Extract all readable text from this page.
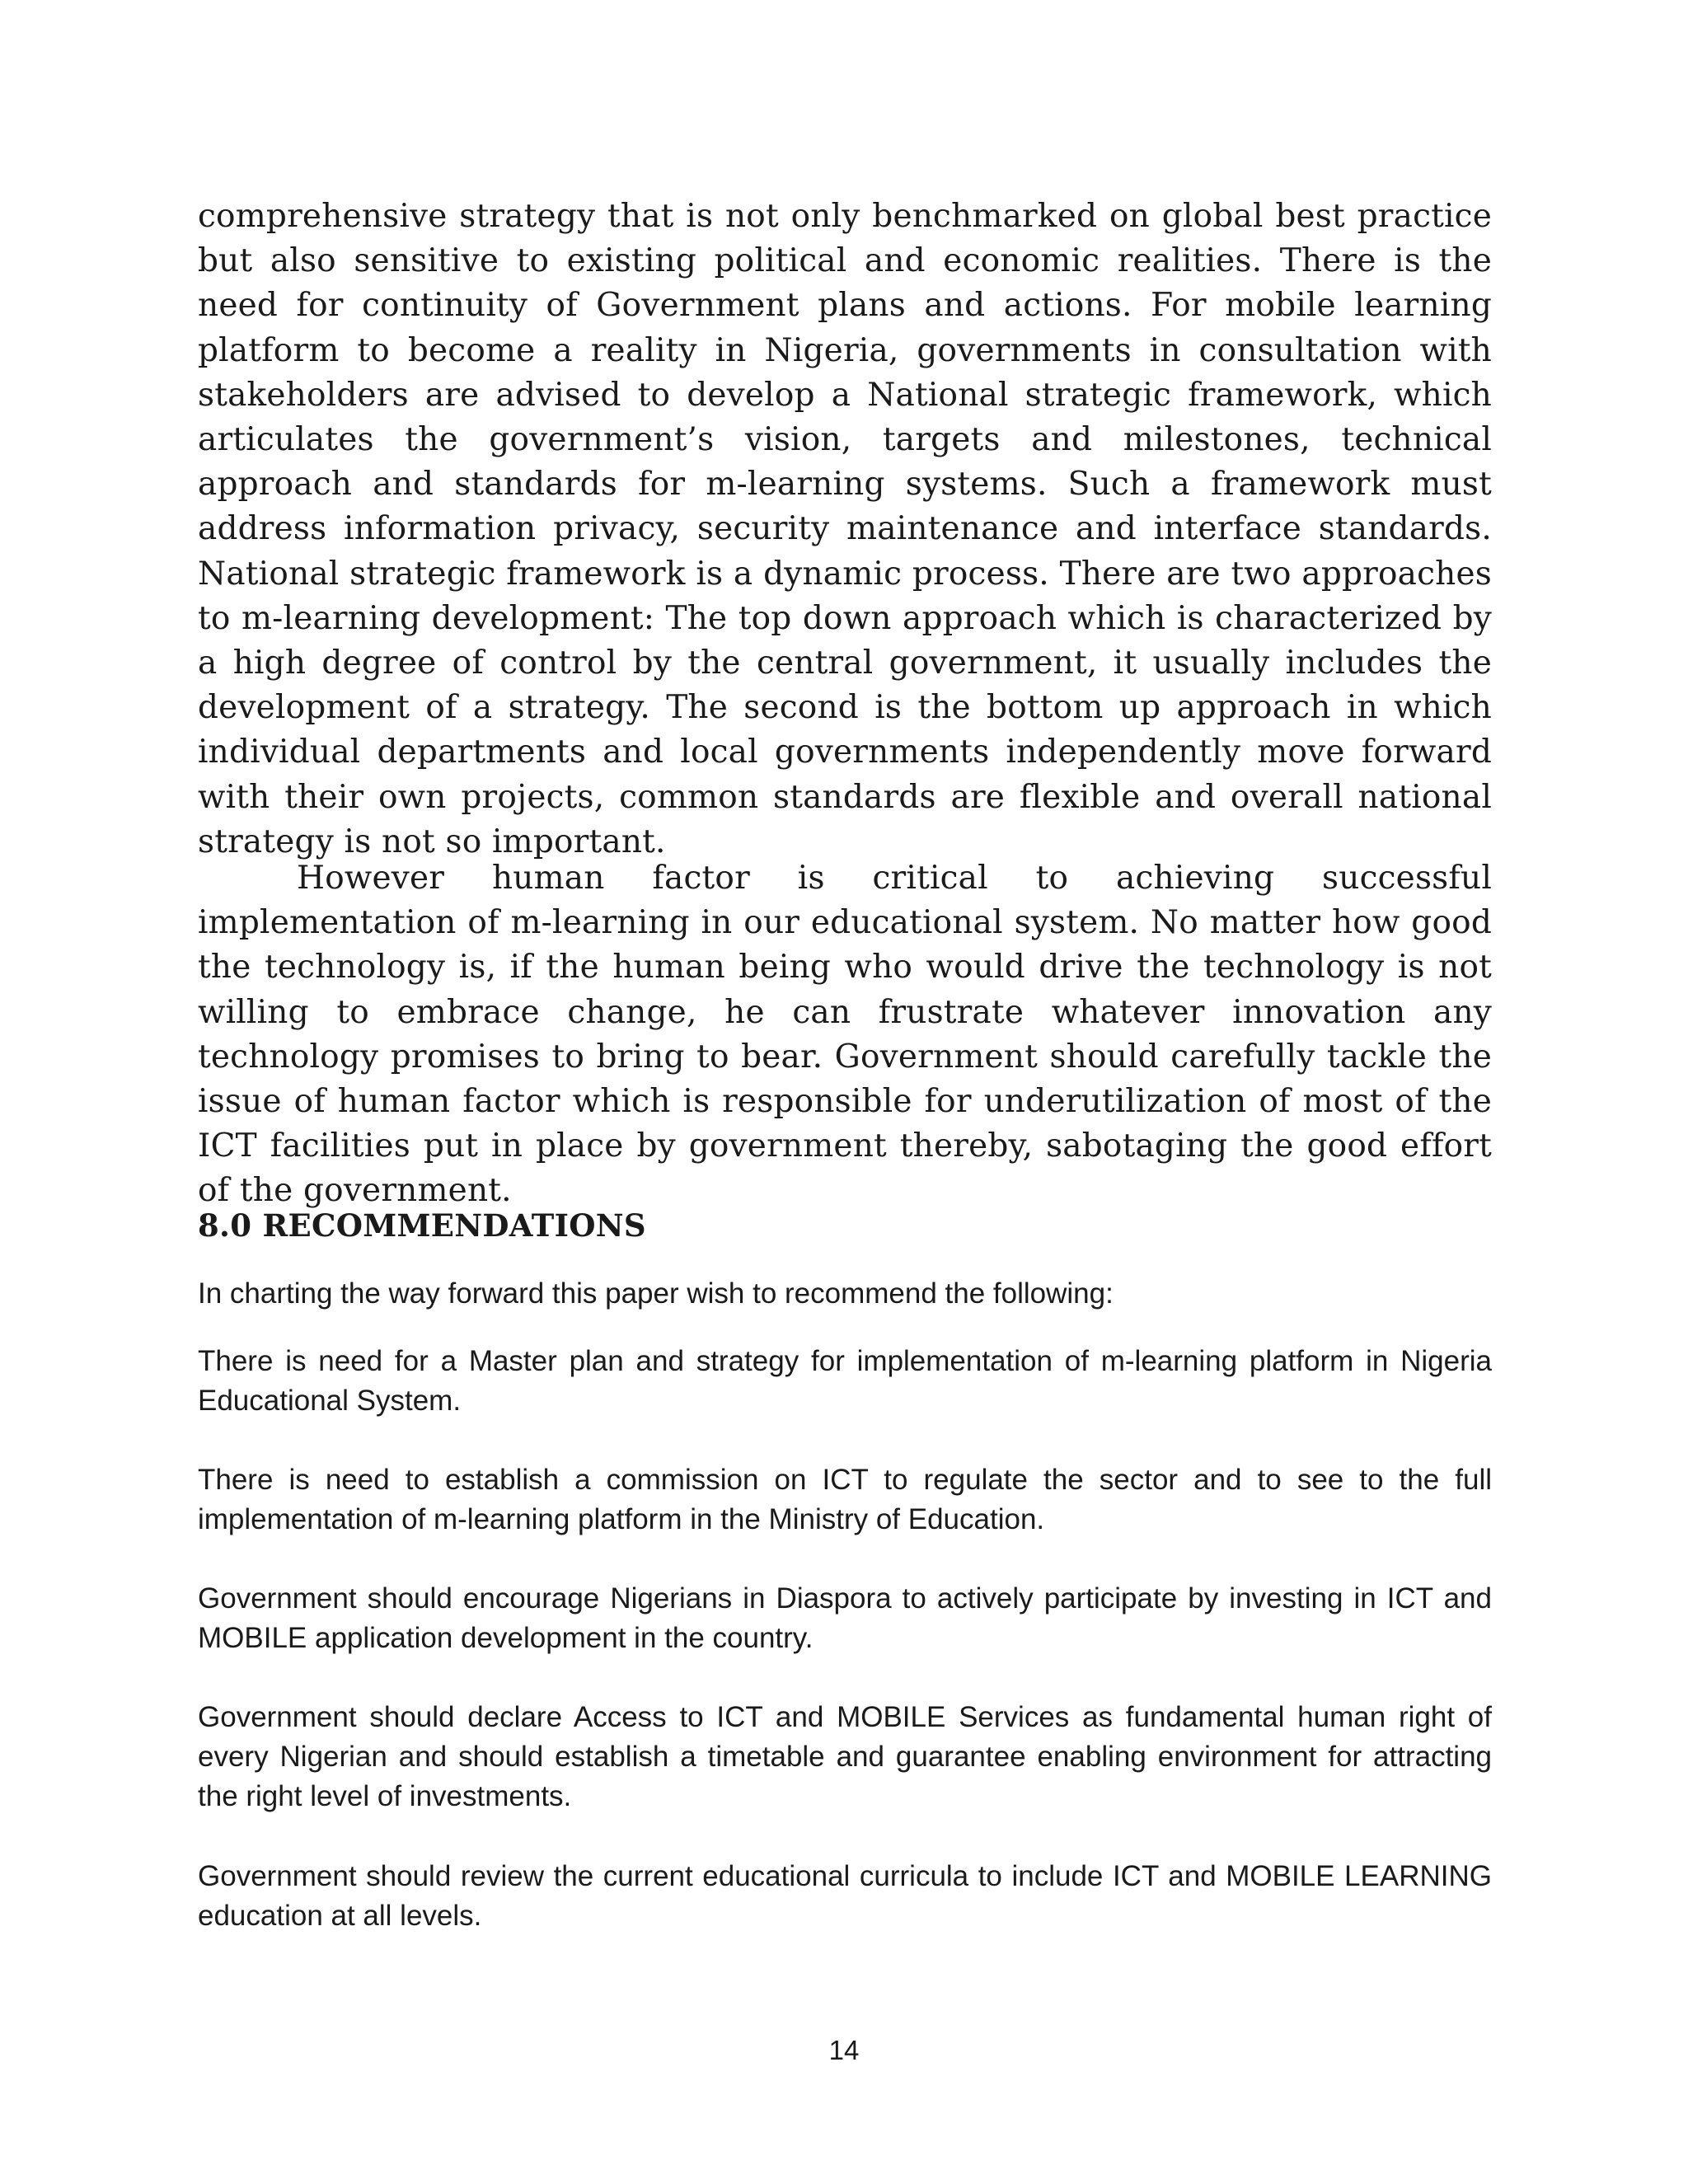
comprehensive strategy that is not only benchmarked on global best practice but also sensitive to existing political and economic realities. There is the need for continuity of Government plans and actions. For mobile learning platform to become a reality in Nigeria, governments in consultation with stakeholders are advised to develop a National strategic framework, which articulates the government’s vision, targets and milestones, technical approach and standards for m-learning systems. Such a framework must address information privacy, security maintenance and interface standards. National strategic framework is a dynamic process. There are two approaches to m-learning development: The top down approach which is characterized by a high degree of control by the central government, it usually includes the development of a strategy. The second is the bottom up approach in which individual departments and local governments independently move forward with their own projects, common standards are flexible and overall national strategy is not so important.

However human factor is critical to achieving successful implementation of m-learning in our educational system. No matter how good the technology is, if the human being who would drive the technology is not willing to embrace change, he can frustrate whatever innovation any technology promises to bring to bear. Government should carefully tackle the issue of human factor which is responsible for underutilization of most of the ICT facilities put in place by government thereby, sabotaging the good effort of the government.

8.0 RECOMMENDATIONS

In charting the way forward this paper wish to recommend the following:

There is need for a Master plan and strategy for implementation of m-learning platform in Nigeria Educational System.

There is need to establish a commission on ICT to regulate the sector and to see to the full implementation of m-learning platform in the Ministry of Education.

Government should encourage Nigerians in Diaspora to actively participate by investing in ICT and MOBILE application development in the country.

Government should declare Access to ICT and MOBILE Services as fundamental human right of every Nigerian and should establish a timetable and guarantee enabling environment for attracting the right level of investments.

Government should review the current educational curricula to include ICT and MOBILE LEARNING education at all levels.

14
